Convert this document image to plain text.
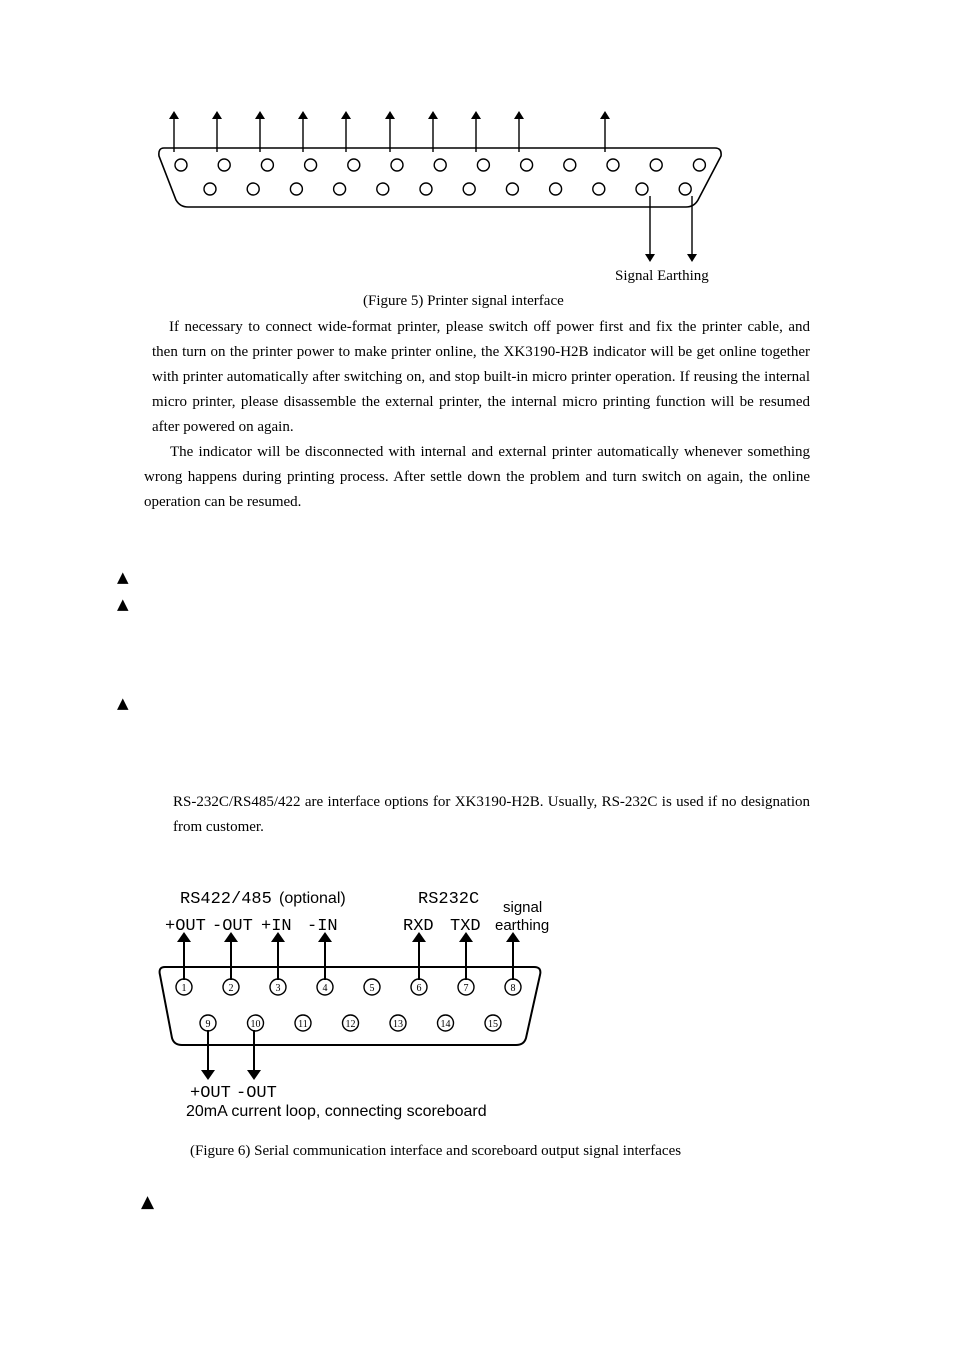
Signal Earthing
(Figure 5) Printer signal interface

If necessary to connect wide-format printer, please switch off power first and fix the printer cable, and then turn on the printer power to make printer online, the XK3190-H2B indicator will be get online together with printer automatically after switching on, and stop built-in micro printer operation. If reusing the internal micro printer, please disassemble the external printer, the internal micro printing function will be resumed after powered on again.

The indicator will be disconnected with internal and external printer automatically whenever something wrong happens during printing process. After settle down the problem and turn switch on again, the online operation can be resumed.

▲
▲
▲

RS-232C/RS485/422 are interface options for XK3190-H2B. Usually, RS-232C is used if no designation from customer.

RS422/485 (optional)	RS232C signal
earthing
+OUT -OUT +IN -IN	RXD TXD
1	2	3	4	5	6	7	8
9	10	11	12	13	14	15
+OUT -OUT
20mA current loop, connecting scoreboard
(Figure 6) Serial communication interface and scoreboard output signal interfaces
▲
